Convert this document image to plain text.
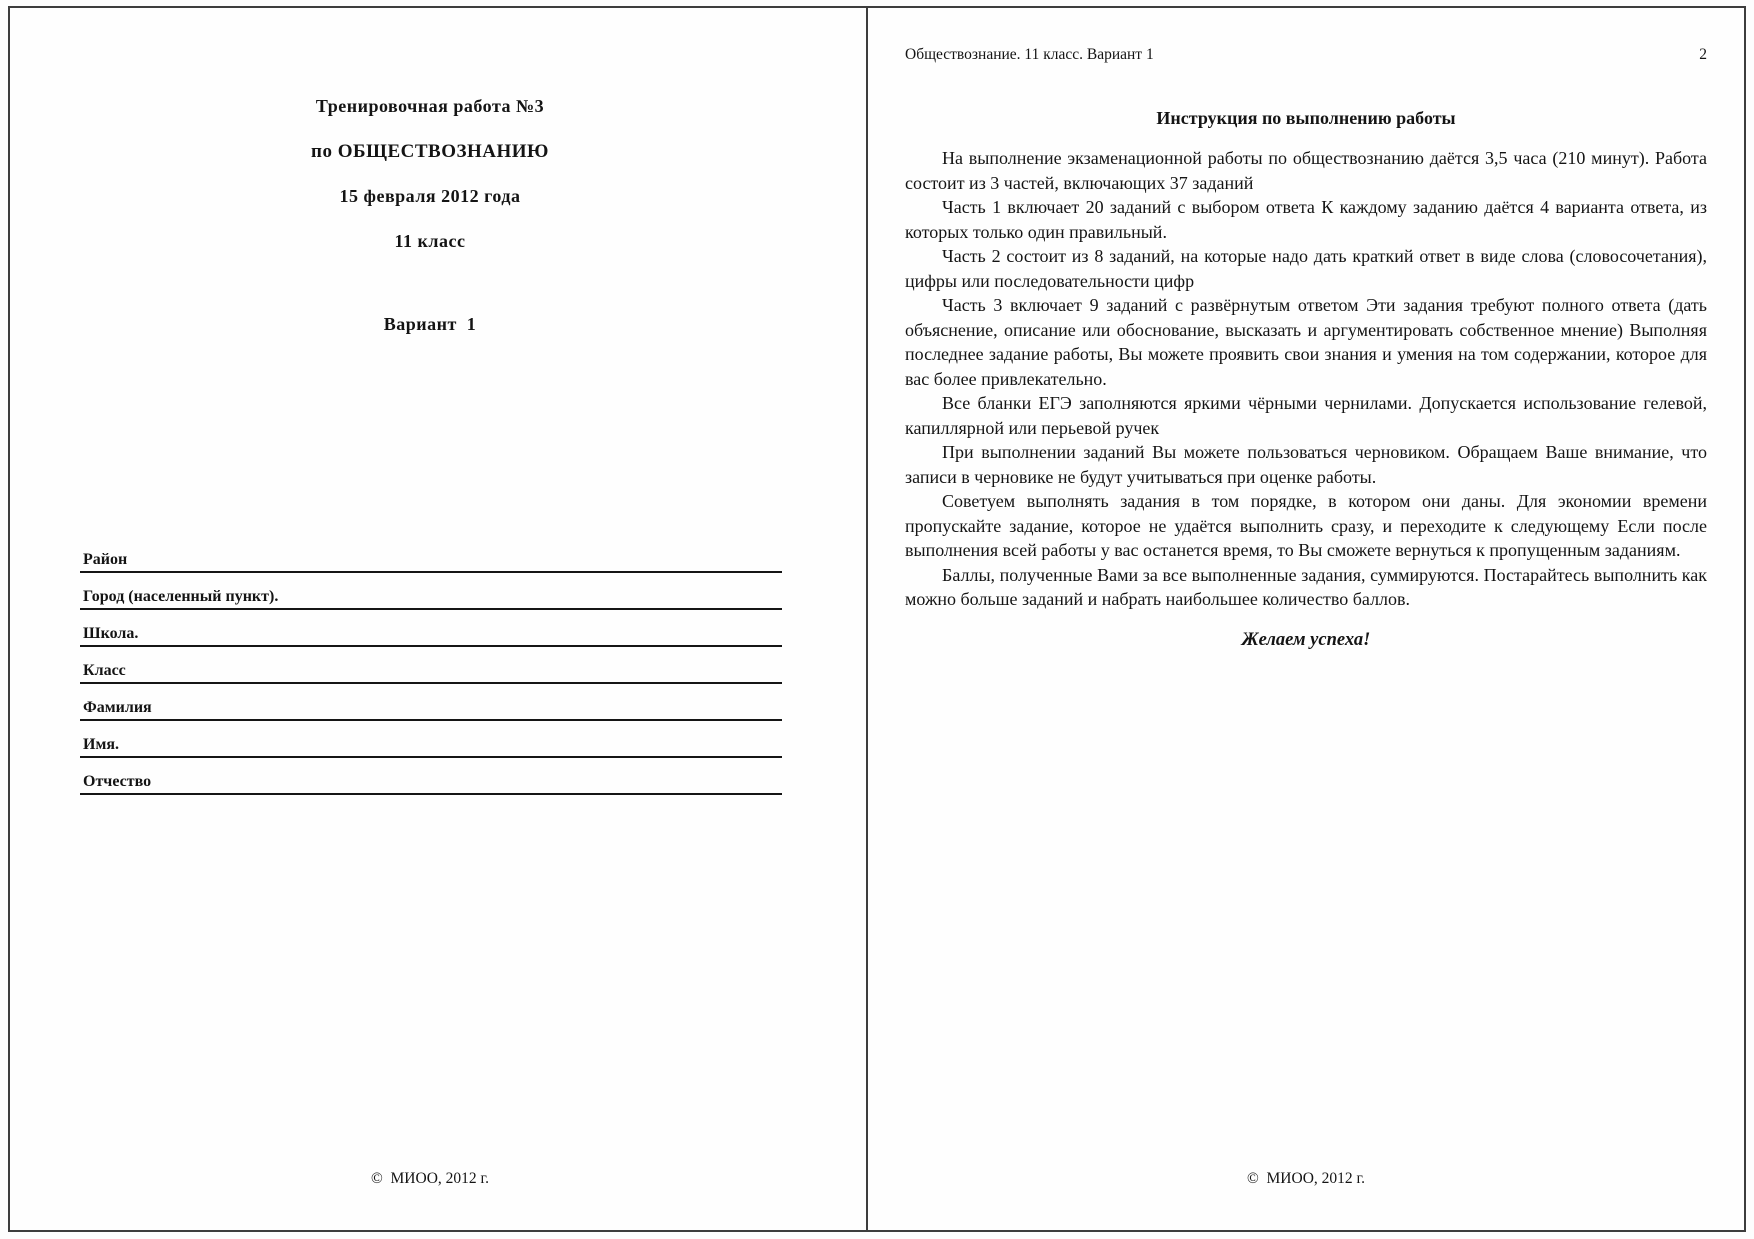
Тренировочная работа №3
по ОБЩЕСТВОЗНАНИЮ
15 февраля 2012 года
11 класс
Вариант  1
Район
Город (населенный пункт).
Школа.
Класс
Фамилия
Имя.
Отчество
©  МИОО, 2012 г.
Обществознание. 11 класс. Вариант 1	2
Инструкция по выполнению работы

На выполнение экзаменационной работы по обществознанию даётся 3,5 часа (210 минут). Работа состоит из 3 частей, включающих 37 заданий

Часть 1 включает 20 заданий с выбором ответа К каждому заданию даётся 4 варианта ответа, из которых только один правильный.

Часть 2 состоит из 8 заданий, на которые надо дать краткий ответ в виде слова (словосочетания), цифры или последовательности цифр

Часть 3 включает 9 заданий с развёрнутым ответом Эти задания требуют полного ответа (дать объяснение, описание или обоснование, высказать и аргументировать собственное мнение) Выполняя последнее задание работы, Вы можете проявить свои знания и умения на том содержании, которое для вас более привлекательно.

Все бланки ЕГЭ заполняются яркими чёрными чернилами. Допускается использование гелевой, капиллярной или перьевой ручек

При выполнении заданий Вы можете пользоваться черновиком. Обращаем Ваше внимание, что записи в черновике не будут учитываться при оценке работы.

Советуем выполнять задания в том порядке, в котором они даны. Для экономии времени пропускайте задание, которое не удаётся выполнить сразу, и переходите к следующему Если после выполнения всей работы у вас останется время, то Вы сможете вернуться к пропущенным заданиям.

Баллы, полученные Вами за все выполненные задания, суммируются. Постарайтесь выполнить как можно больше заданий и набрать наибольшее количество баллов.

Желаем успеха!

©  МИОО, 2012 г.
